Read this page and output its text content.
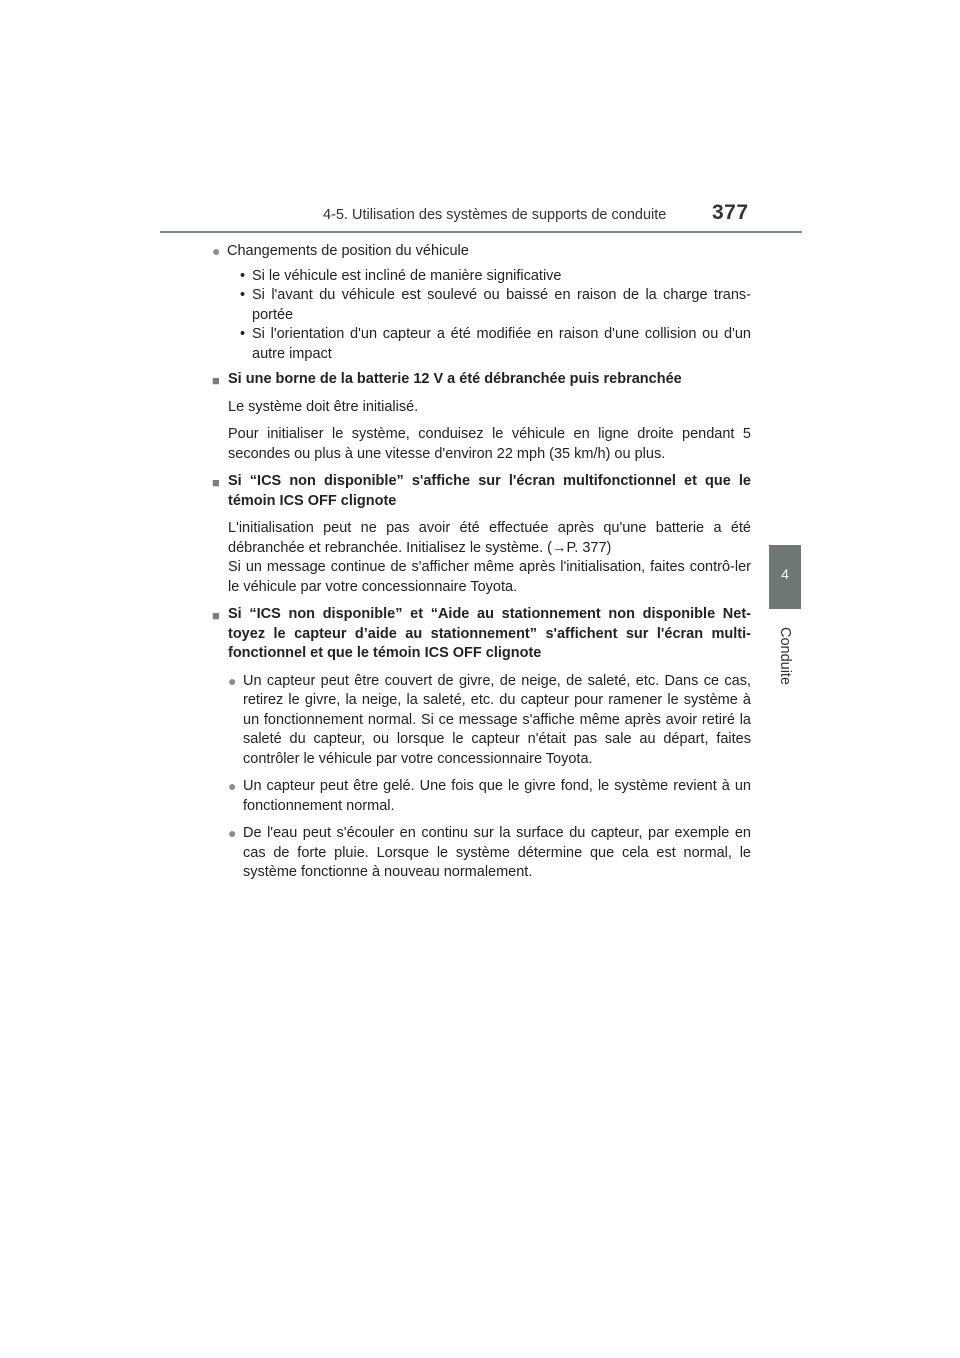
4-5. Utilisation des systèmes de supports de conduite 377
4
Conduite
● Changements de position du véhicule
• Si le véhicule est incliné de manière significative
• Si l'avant du véhicule est soulevé ou baissé en raison de la charge trans-portée
• Si l'orientation d'un capteur a été modifiée en raison d'une collision ou d'un autre impact
■ Si une borne de la batterie 12 V a été débranchée puis rebranchée
Le système doit être initialisé.
Pour initialiser le système, conduisez le véhicule en ligne droite pendant 5 secondes ou plus à une vitesse d'environ 22 mph (35 km/h) ou plus.
■ Si “ICS non disponible” s'affiche sur l'écran multifonctionnel et que le témoin ICS OFF clignote
L'initialisation peut ne pas avoir été effectuée après qu'une batterie a été débranchée et rebranchée. Initialisez le système. (→P. 377)
Si un message continue de s'afficher même après l'initialisation, faites contrô-ler le véhicule par votre concessionnaire Toyota.
■ Si “ICS non disponible” et “Aide au stationnement non disponible Net-toyez le capteur d’aide au stationnement” s'affichent sur l'écran multi-fonctionnel et que le témoin ICS OFF clignote
● Un capteur peut être couvert de givre, de neige, de saleté, etc. Dans ce cas, retirez le givre, la neige, la saleté, etc. du capteur pour ramener le système à un fonctionnement normal. Si ce message s'affiche même après avoir retiré la saleté du capteur, ou lorsque le capteur n'était pas sale au départ, faites contrôler le véhicule par votre concessionnaire Toyota.
● Un capteur peut être gelé. Une fois que le givre fond, le système revient à un fonctionnement normal.
● De l'eau peut s'écouler en continu sur la surface du capteur, par exemple en cas de forte pluie. Lorsque le système détermine que cela est normal, le système fonctionne à nouveau normalement.
